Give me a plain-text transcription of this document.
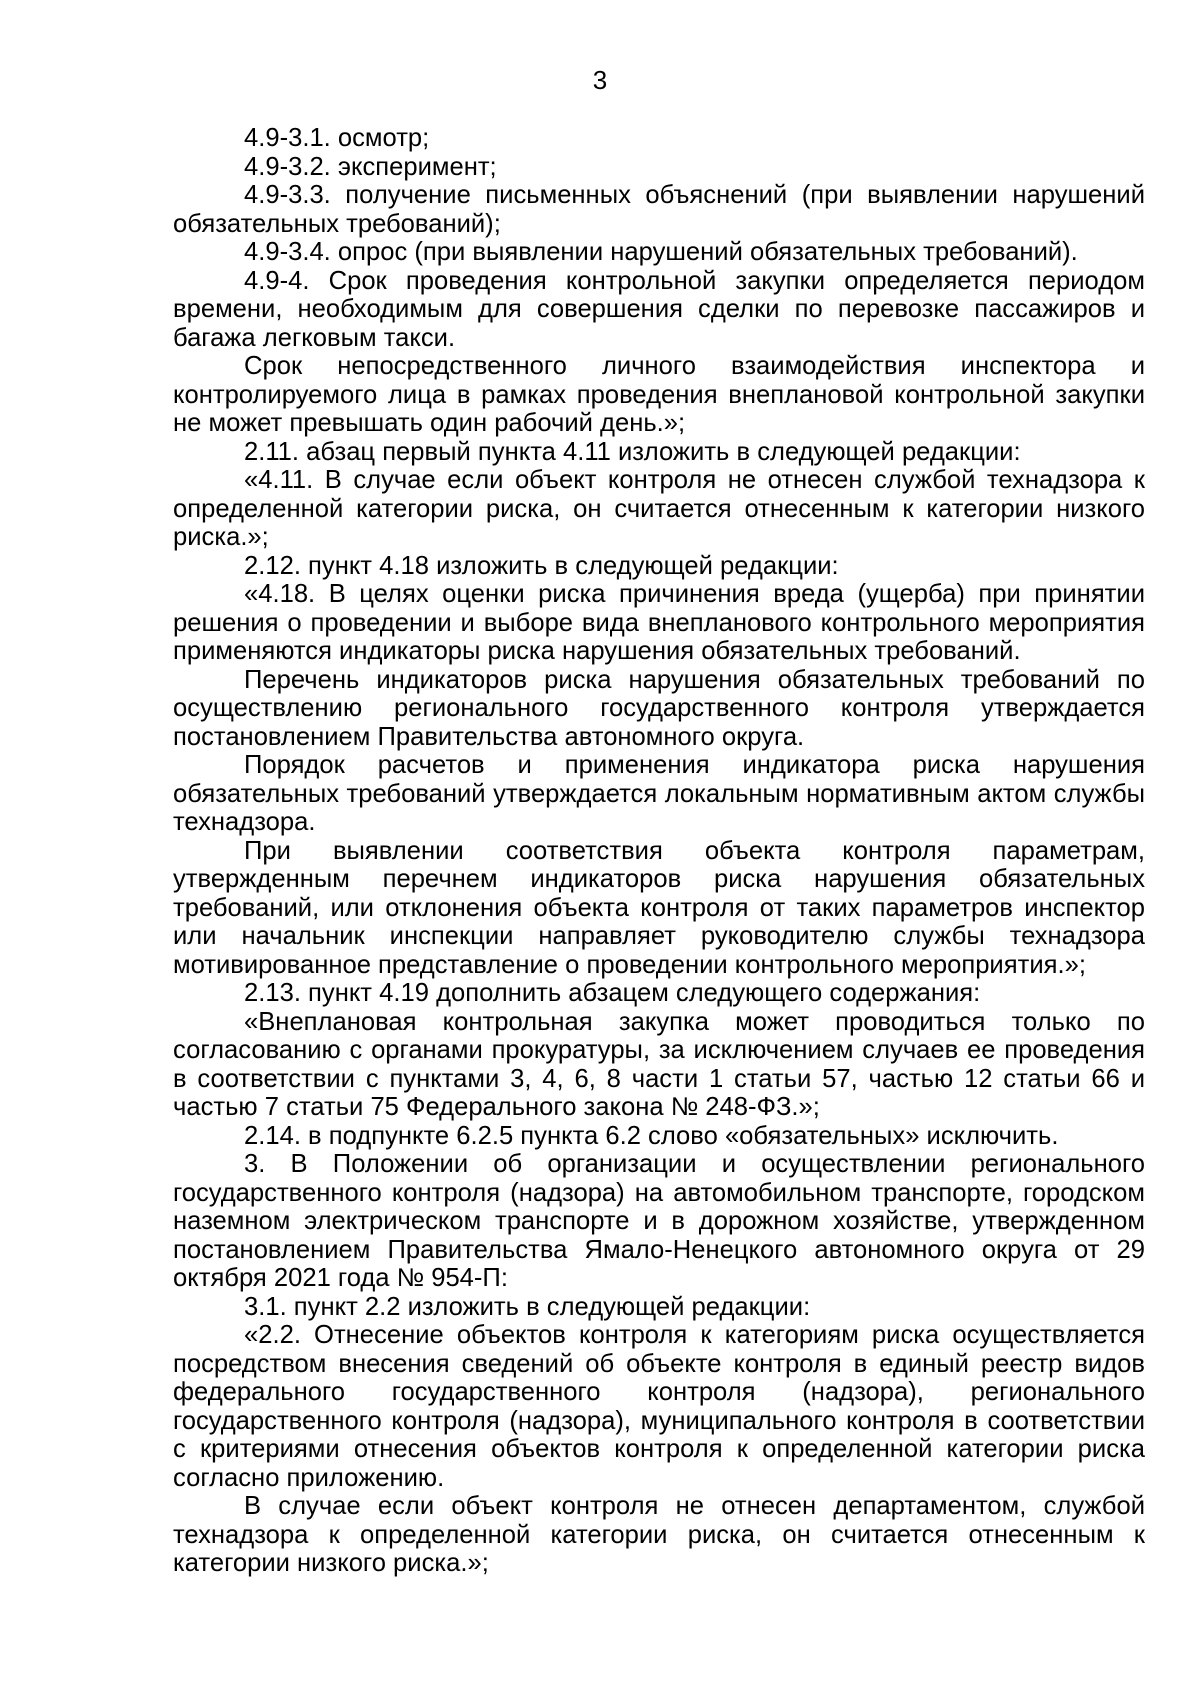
3

4.9-3.1. осмотр;

4.9-3.2. эксперимент;

4.9-3.3. получение письменных объяснений (при выявлении нарушений обязательных требований);

4.9-3.4. опрос (при выявлении нарушений обязательных требований).

4.9-4. Срок проведения контрольной закупки определяется периодом времени, необходимым для совершения сделки по перевозке пассажиров и багажа легковым такси.

Срок непосредственного личного взаимодействия инспектора и контролируемого лица в рамках проведения внеплановой контрольной закупки не может превышать один рабочий день.»;

2.11. абзац первый пункта 4.11 изложить в следующей редакции:

«4.11. В случае если объект контроля не отнесен службой технадзора к определенной категории риска, он считается отнесенным к категории низкого риска.»;

2.12. пункт 4.18 изложить в следующей редакции:

«4.18. В целях оценки риска причинения вреда (ущерба) при принятии решения о проведении и выборе вида внепланового контрольного мероприятия применяются индикаторы риска нарушения обязательных требований.

Перечень индикаторов риска нарушения обязательных требований по осуществлению регионального государственного контроля утверждается постановлением Правительства автономного округа.

Порядок расчетов и применения индикатора риска нарушения обязательных требований утверждается локальным нормативным актом службы технадзора.

При выявлении соответствия объекта контроля параметрам, утвержденным перечнем индикаторов риска нарушения обязательных требований, или отклонения объекта контроля от таких параметров инспектор или начальник инспекции направляет руководителю службы технадзора мотивированное представление о проведении контрольного мероприятия.»;

2.13. пункт 4.19 дополнить абзацем следующего содержания:

«Внеплановая контрольная закупка может проводиться только по согласованию с органами прокуратуры, за исключением случаев ее проведения в соответствии с пунктами 3, 4, 6, 8 части 1 статьи 57, частью 12 статьи 66 и частью 7 статьи 75 Федерального закона № 248-ФЗ.»;

2.14. в подпункте 6.2.5 пункта 6.2 слово «обязательных» исключить.

3. В Положении об организации и осуществлении регионального государственного контроля (надзора) на автомобильном транспорте, городском наземном электрическом транспорте и в дорожном хозяйстве, утвержденном постановлением Правительства Ямало-Ненецкого автономного округа от 29 октября 2021 года № 954-П:

3.1. пункт 2.2 изложить в следующей редакции:

«2.2. Отнесение объектов контроля к категориям риска осуществляется посредством внесения сведений об объекте контроля в единый реестр видов федерального государственного контроля (надзора), регионального государственного контроля (надзора), муниципального контроля в соответствии с критериями отнесения объектов контроля к определенной категории риска согласно приложению.

В случае если объект контроля не отнесен департаментом, службой технадзора к определенной категории риска, он считается отнесенным к категории низкого риска.»;
